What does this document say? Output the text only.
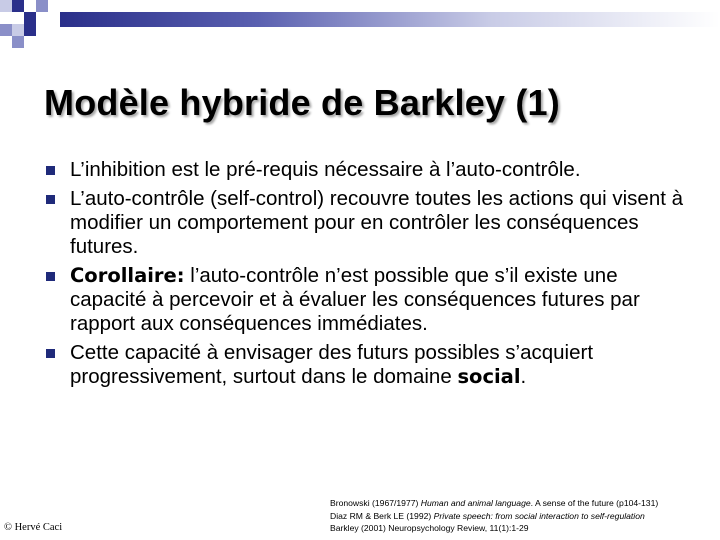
Modèle hybride de Barkley (1)
L’inhibition est le pré-requis nécessaire à l’auto-contrôle.
L’auto-contrôle (self-control) recouvre toutes les actions qui visent à modifier un comportement pour en contrôler les conséquences futures.
Corollaire: l’auto-contrôle n’est possible que s’il existe une capacité à percevoir et à évaluer les conséquences futures par rapport aux conséquences immédiates.
Cette capacité à envisager des futurs possibles s’acquiert progressivement, surtout dans le domaine social.
Bronowski (1967/1977) Human and animal language. A sense of the future (p104-131)
Diaz RM & Berk LE (1992) Private speech: from social interaction to self-regulation
Barkley (2001) Neuropsychology Review, 11(1):1-29
© Hervé Caci
